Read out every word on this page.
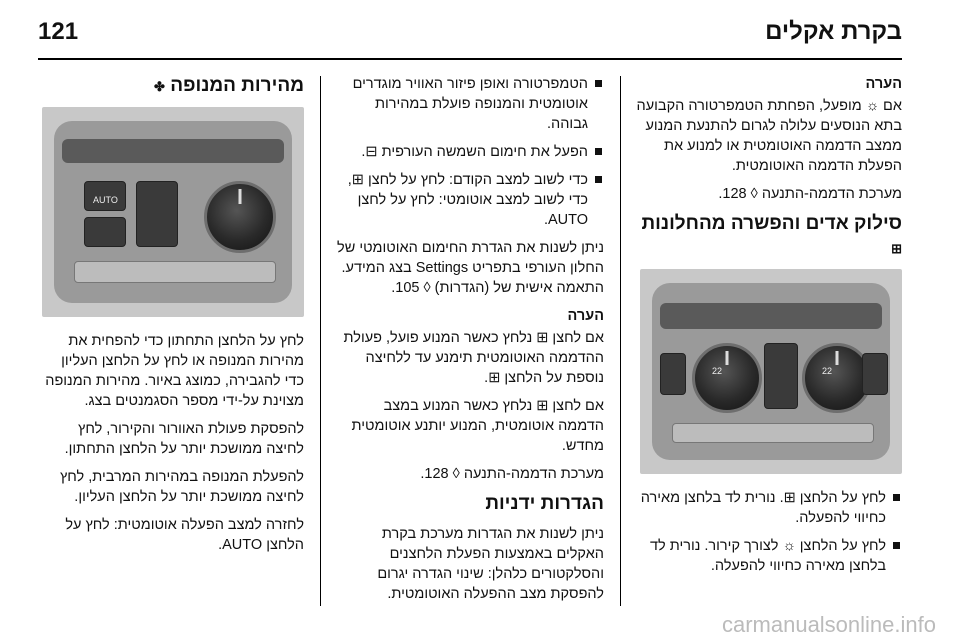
121	בקרת אקלים
הערה

אם ☼ מופעל, הפחתת הטמפרטורה הקבועה בתא הנוסעים עלולה לגרום להתנעת המנוע ממצב הדממה האוטומטית או למנוע את הפעלת הדממה האוטומטית.

מערכת הדממה-התנעה ◊ 128.

סילוק אדים והפשרה מהחלונות ⊞
22	22

לחץ על הלחצן ⊞. נורית לד בלחצן מאירה כחיווי להפעלה.

לחץ על הלחצן ☼ לצורך קירור. נורית לד בלחצן מאירה כחיווי להפעלה.

הטמפרטורה ואופן פיזור האוויר מוגדרים אוטומטית והמנופה פועלת במהירות גבוהה.

הפעל את חימום השמשה העורפית ⊟.

כדי לשוב למצב הקודם: לחץ על לחצן ⊞, כדי לשוב למצב אוטומטי: לחץ על לחצן AUTO.

ניתן לשנות את הגדרת החימום האוטומטי של החלון העורפי בתפריט Settings בצג המידע. התאמה אישית של (הגדרות) ◊ 105.

הערה

אם לחצן ⊞ נלחץ כאשר המנוע פועל, פעולת ההדממה האוטומטית תימנע עד ללחיצה נוספת על הלחצן ⊞.

אם לחצן ⊞ נלחץ כאשר המנוע במצב הדממה אוטומטית, המנוע יותנע אוטומטית מחדש.

מערכת הדממה-התנעה ◊ 128.

הגדרות ידניות

ניתן לשנות את הגדרות מערכת בקרת האקלים באמצעות הפעלת הלחצנים והסלקטורים כלהלן: שינוי הגדרה יגרום להפסקת מצב ההפעלה האוטומטית.

מהירות המנופה ✤
AUTO

לחץ על הלחצן התחתון כדי להפחית את מהירות המנופה או לחץ על הלחצן העליון כדי להגבירה, כמוצג באיור. מהירות המנופה מצוינת על-ידי מספר הסגמנטים בצג.

להפסקת פעולת האוורור והקירור, לחץ לחיצה ממושכת יותר על הלחצן התחתון.

להפעלת המנופה במהירות המרבית, לחץ לחיצה ממושכת יותר על הלחצן העליון.

לחזרה למצב הפעלה אוטומטית: לחץ על הלחצן AUTO.

carmanualsonline.info
